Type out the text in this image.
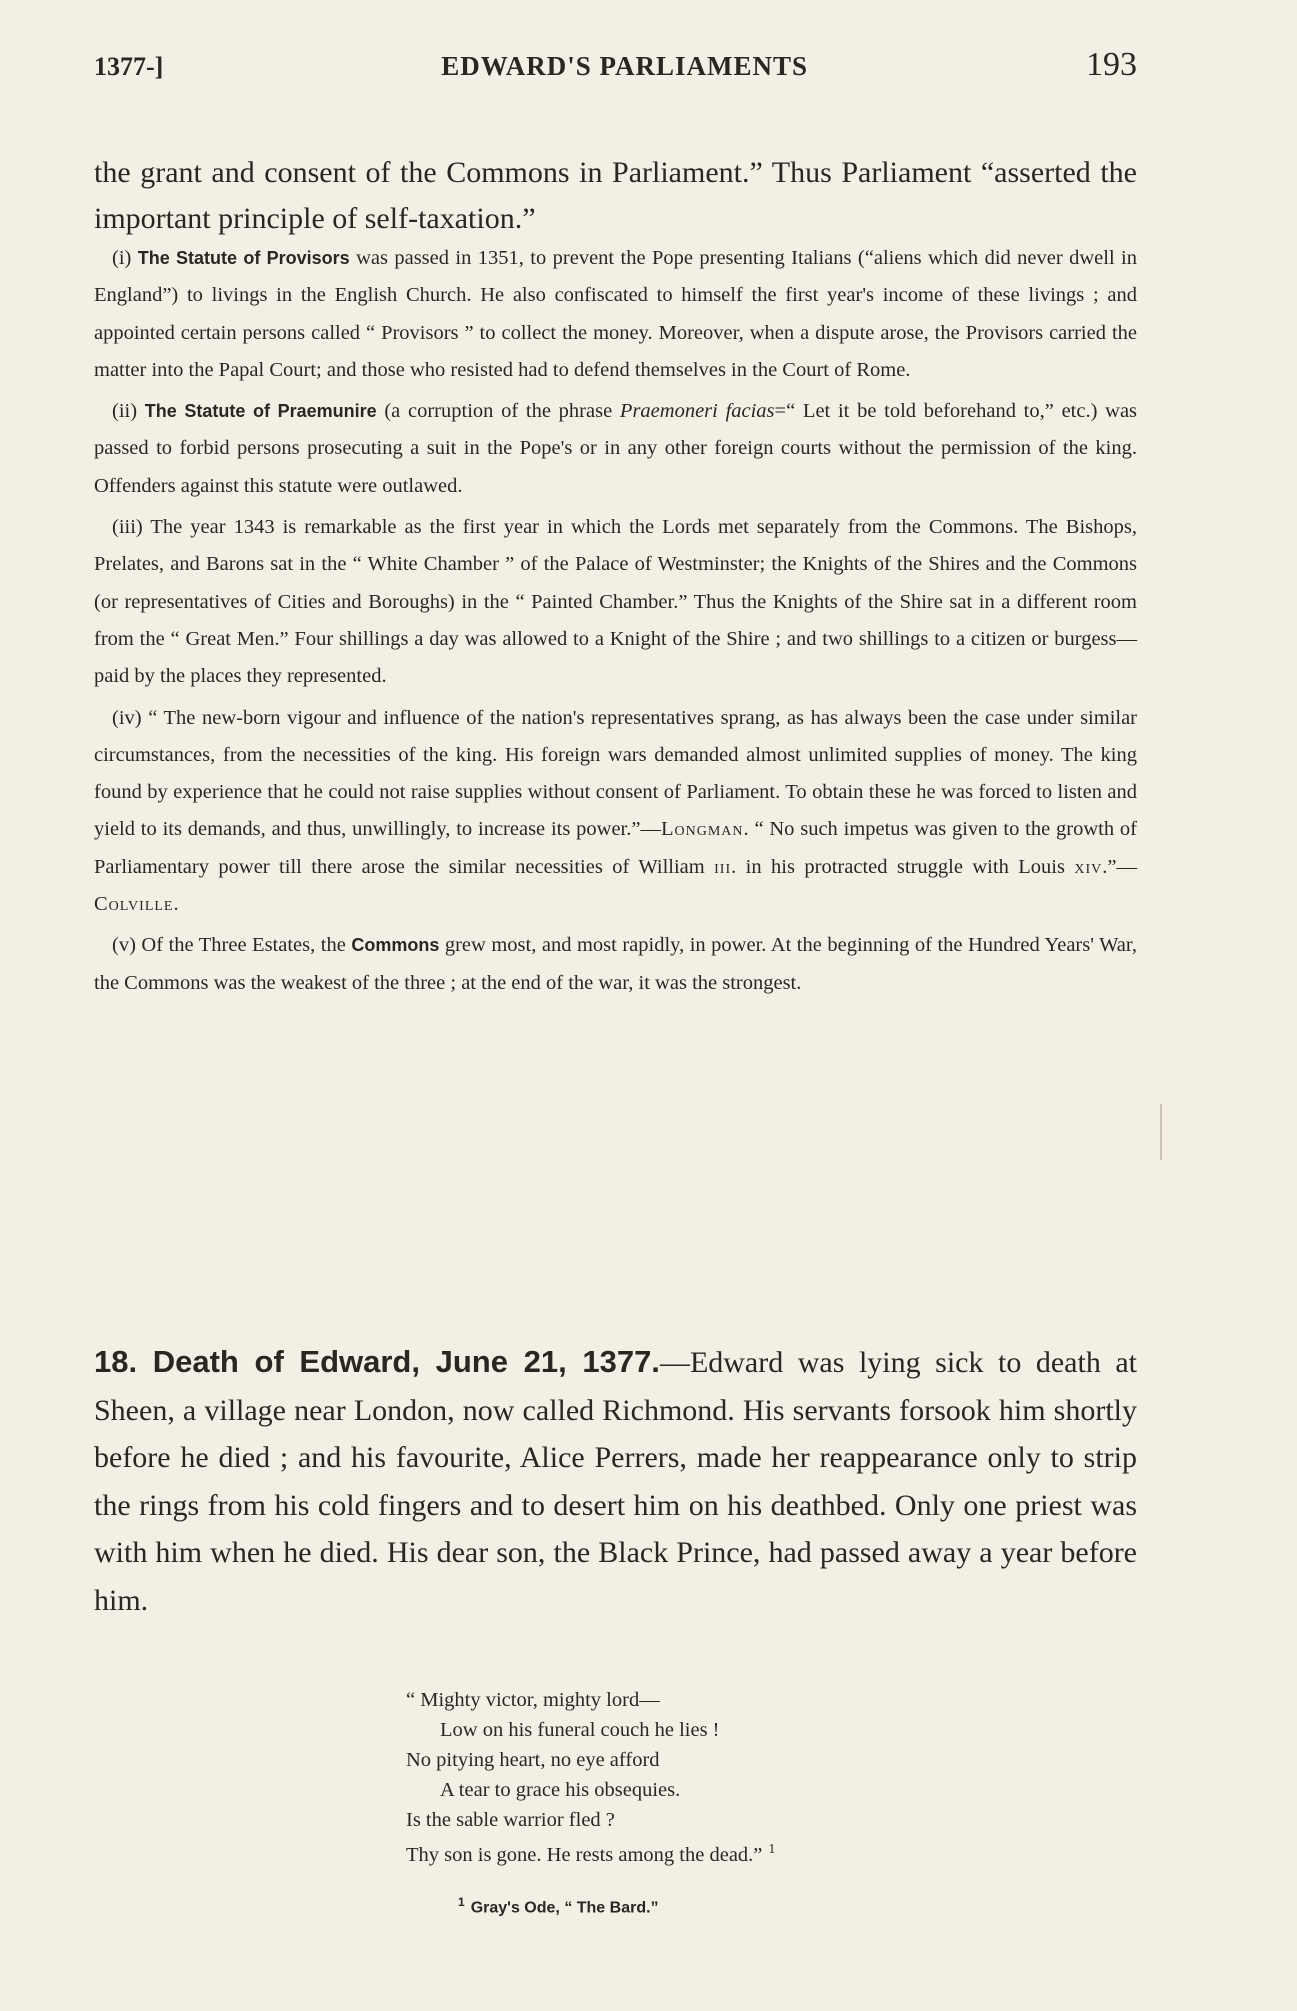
1377-]	EDWARD'S PARLIAMENTS	193

the grant and consent of the Commons in Parliament.” Thus Parliament “asserted the important principle of self-taxation.”

(i) The Statute of Provisors was passed in 1351, to prevent the Pope presenting Italians (“aliens which did never dwell in England”) to livings in the English Church. He also confiscated to himself the first year's income of these livings ; and appointed certain persons called “ Provisors ” to collect the money. Moreover, when a dispute arose, the Provisors carried the matter into the Papal Court; and those who resisted had to defend themselves in the Court of Rome.

(ii) The Statute of Praemunire (a corruption of the phrase Praemoneri facias=“ Let it be told beforehand to,” etc.) was passed to forbid persons prosecuting a suit in the Pope's or in any other foreign courts without the permission of the king. Offenders against this statute were outlawed.

(iii) The year 1343 is remarkable as the first year in which the Lords met separately from the Commons. The Bishops, Prelates, and Barons sat in the “ White Chamber ” of the Palace of Westminster; the Knights of the Shires and the Commons (or representatives of Cities and Boroughs) in the “ Painted Chamber.” Thus the Knights of the Shire sat in a different room from the “ Great Men.” Four shillings a day was allowed to a Knight of the Shire ; and two shillings to a citizen or burgess—paid by the places they represented.

(iv) “ The new-born vigour and influence of the nation's representatives sprang, as has always been the case under similar circumstances, from the necessities of the king. His foreign wars demanded almost unlimited supplies of money. The king found by experience that he could not raise supplies without consent of Parliament. To obtain these he was forced to listen and yield to its demands, and thus, unwillingly, to increase its power.”—Longman. “ No such impetus was given to the growth of Parliamentary power till there arose the similar necessities of William iii. in his protracted struggle with Louis xiv.”—Colville.

(v) Of the Three Estates, the Commons grew most, and most rapidly, in power. At the beginning of the Hundred Years' War, the Commons was the weakest of the three ; at the end of the war, it was the strongest.

18. Death of Edward, June 21, 1377.—Edward was lying sick to death at Sheen, a village near London, now called Richmond. His servants forsook him shortly before he died ; and his favourite, Alice Perrers, made her reappearance only to strip the rings from his cold fingers and to desert him on his deathbed. Only one priest was with him when he died. His dear son, the Black Prince, had passed away a year before him.

“ Mighty victor, mighty lord—
Low on his funeral couch he lies !
No pitying heart, no eye afford
A tear to grace his obsequies.
Is the sable warrior fled ?
Thy son is gone. He rests among the dead.” $^1$
$^1$ Gray's Ode, “ The Bard.”
